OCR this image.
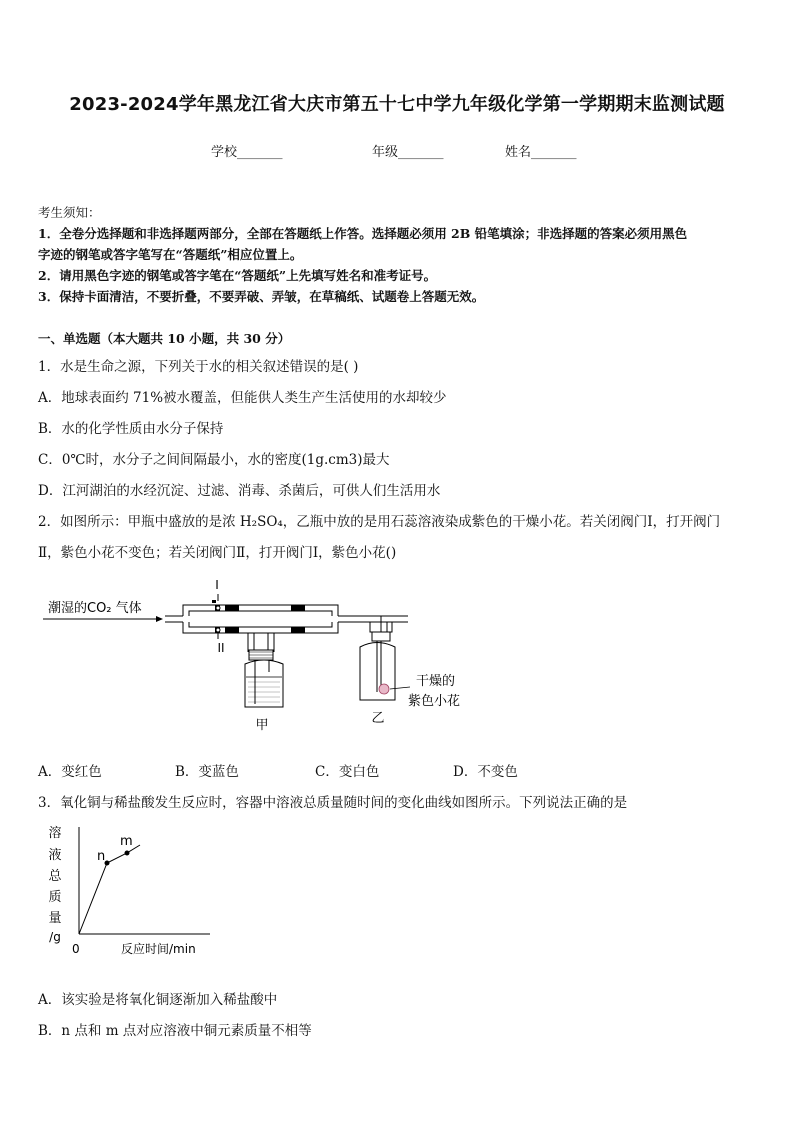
2023-2024学年黑龙江省大庆市第五十七中学九年级化学第一学期期末监测试题
学校_______	年级_______	姓名_______
考生须知：
1．全卷分选择题和非选择题两部分，全部在答题纸上作答。选择题必须用 2B 铅笔填涂；非选择题的答案必须用黑色
字迹的钢笔或答字笔写在“答题纸”相应位置上。
2．请用黑色字迹的钢笔或答字笔在“答题纸”上先填写姓名和准考证号。
3．保持卡面清洁，不要折叠，不要弄破、弄皱，在草稿纸、试题卷上答题无效。
一、单选题（本大题共 10 小题，共 30 分）
1．水是生命之源，下列关于水的相关叙述错误的是( )
A．地球表面约 71%被水覆盖，但能供人类生产生活使用的水却较少
B．水的化学性质由水分子保持
C．0℃时，水分子之间间隔最小，水的密度(1g.cm3)最大
D．江河湖泊的水经沉淀、过滤、消毒、杀菌后，可供人们生活用水
2．如图所示：甲瓶中盛放的是浓 H₂SO₄，乙瓶中放的是用石蕊溶液染成紫色的干燥小花。若关闭阀门Ⅰ，打开阀门
Ⅱ，紫色小花不变色；若关闭阀门Ⅱ，打开阀门Ⅰ，紫色小花()
潮湿的CO₂ 气体
I
II
甲	乙
干燥的
紫色小花
A．变红色	B．变蓝色	C．变白色	D．不变色
3．氧化铜与稀盐酸发生反应时，容器中溶液总质量随时间的变化曲线如图所示。下列说法正确的是
溶
液
总
质
量
/g
n
m
0	反应时间/min
A．该实验是将氧化铜逐渐加入稀盐酸中
B．n 点和 m 点对应溶液中铜元素质量不相等
